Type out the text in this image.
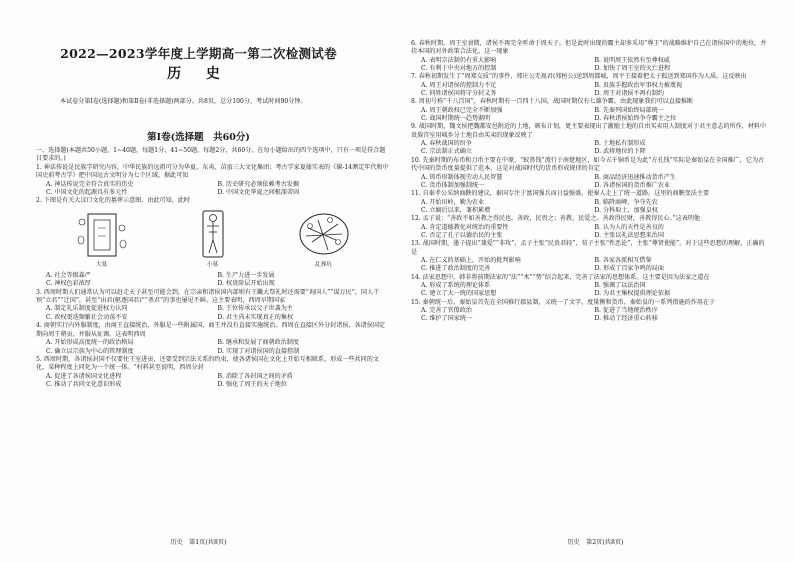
2022—2023学年度上学期高一第二次检测试卷
历 史
本试卷分第Ⅰ卷(选择题)和第Ⅱ卷(非选择题)两部分。共8页，总分100分，考试时间90分钟。
第Ⅰ卷(选择题　共60分)

一、选择题(本题共50小题，1~40题，每题1分，41~50题，每题2分，共60分。在每小题给出的四个选项中，只有一项是符合题目要求的。)

1. 神话传说是民族学研究内容，中华民族的远祖可分为华夏、东夷、苗蛮三大文化集团；考古学家夏鼐实表的《碳-14测定年代和中国史前考古学》把中国远古文明分为七个区域。据此可知

A. 神话传说完全符合真实的历史	B. 历史研究必须依赖考古发掘
C. 中国文化的起源具有多元性	D. 中国文化华夏之间根深蒂固

2. 下图是有关大汶口文化的墓葬示意图。由此可知，此时

大墓	小墓	乱葬坑
A. 社会等级森严	B. 生产力进一步发展
C. 神权色彩浓厚	D. 权贵阶层开始出现

3. 西周时期人们通常认为可以赶走天子甚至可能会到，在宗亲和诸侯国内部则有王畿大祭礼时还需要“询国人”“谋万民”，国人干预“立君”“迁国”，甚至“出君(驱逐国君)”“杀君”的事也屡见不鲜。这主要表明，西周早期国家

A. 制定礼乐制度促进权力认同	B. 王位传承以父子世袭为主
C. 政权更迭频繁社会动荡不安	D. 君主尚未实现真正的集权

4. 商朝实行内外服制度，由商王直接统治，外服是一些附属国，商王并没有直接实施统治。西周在直接区外分封诸侯，各诸侯国定期向周王朝贡，并服从征调。这表明西周

A. 开始形成高度统一的政治格局	B. 继承和发展了商朝政治制度
C. 确立以宗族为中心的管理制度	D. 实现了对诸侯国的直接控制

5. 西周时期，各诸侯封国不仅要往王室进贡，还要受到宗法关系的约束，使各诸侯国在文化上开始互相联系，形成一些共同的文化，某种程度上同化为一个统一体。“村料甚至说明，西周分封

A. 促进了各诸侯国文化进程	B. 消除了各封国之间的矛盾
C. 推动了共同文化意识形成	D. 强化了周王的天子地位
历史　第1页(共8页)

6. 春秋时期，周王室衰微，诸侯不再完全听命于周天子。但是此时出现的霸主却多采用“尊王”的战略维护自己在诸侯国中的地位，并挂本国的对外政策合法化。这一现象

A. 表明宗法制仍有重大影响	B. 说明周王依然有至尊权威
C. 有利于中央对地方的控制	D. 加快了周王室的灭亡进程

7. 春秋初期发生了“周郑交质”的事件，郑庄公无视君(郑桓公)送到周都城，周平王接着把太子狐送到郑国作为人质。这反映出

A. 周王对诸侯的控制力不足	B. 贵族手握政治军事权力被蔑视
C. 同姓诸侯国将守分封义务	D. 周王对诸侯不再有制约

8. 周初号称“千八百国”，春秋时期有一百四十八国，战国时期仅有七雄争霸。由此现象我们可以直接推断

A. 周王朝政权已完全不断加强	B. 先秦列国始终局部统一
C. 战国时期统一趋势渐明	D. 春秋诸侯始终争夺霸主之位

9. 战国时期，魏文侯把魏都安邑附近的土地，颁布计划，更主要表现出了激励土地的自由买卖用人制度对于君主意志的所作，材料中贵族宫室用城乡分土地自由买卖的现象反映了

A. 春秋战国的纷争	B. 土地私有制形成
C. 宗法制正式确立	D. 武将地位的下降

10. 先秦时期的布币和刀币主要在中原，“蚁鼻钱”流行于南楚地区，如今五千铜币是为此“方孔钱”实际是秦始皇在全国推广，它为古代中国的货币度量提供了范本，这是对战国时代的货币形成规律的肯定

A. 铸币形制体现劳动人民智慧	B. 商品经济迅速推动货币产生
C. 货币体制加强制统一	D. 各诸侯国的货币推广农业

11. 自秦孝公采纳商鞅的建议，秦国专注于富国强兵而日益强盛，使秦人走上了统一道路。这里的商鞅变法主要

A. 开始田岭，勤为农业	B. 临降商岬，争夺先农
C. 立嫡后以来，兼积累增	D. 分科取士，加强皇权

12. 孟子说：“善政不如善教之得民也。善政，民畏之；善教，民爱之。善政得民财，善教得民心。”这表明他

A. 肯定道德教化对统治的重要性	B. 认为人的天性是善良的
C. 否定了孔子以德治民的主张	D. 主张以礼法思想来治国

13. 战国时期，墨子提出“兼爱”“非攻”，孟子主张“民贵君轻”，荀子主张“性恶论”，主张“尊贤使能”。对于这些思想的理解，正确的是

A. 在仁义的基础上，开始的批判影响	B. 各家各派相互借鉴
C. 推进了政治制度的完善	D. 形成了百家争鸣的局面

14. 法家思想中，韩非将前期法家的“法”“术”“势”结合起来，完善了法家的思想体系。这主要是因为法家之道在

A. 形成了系统的理论体系	B. 强调了以法治国
C. 建立了大一统的国家思想	D. 为君主集权提供理论依据

15. 秦朝统一后，秦始皇首先在全国推行郡县制，又统一了文字、度量衡和货币。秦始皇的一系列措施的作用在于

A. 完善了官僚政治	B. 促进了当地统治秩序
C. 维护了国家统一	D. 推动了经济重心转移
历史　第2页(共8页)
